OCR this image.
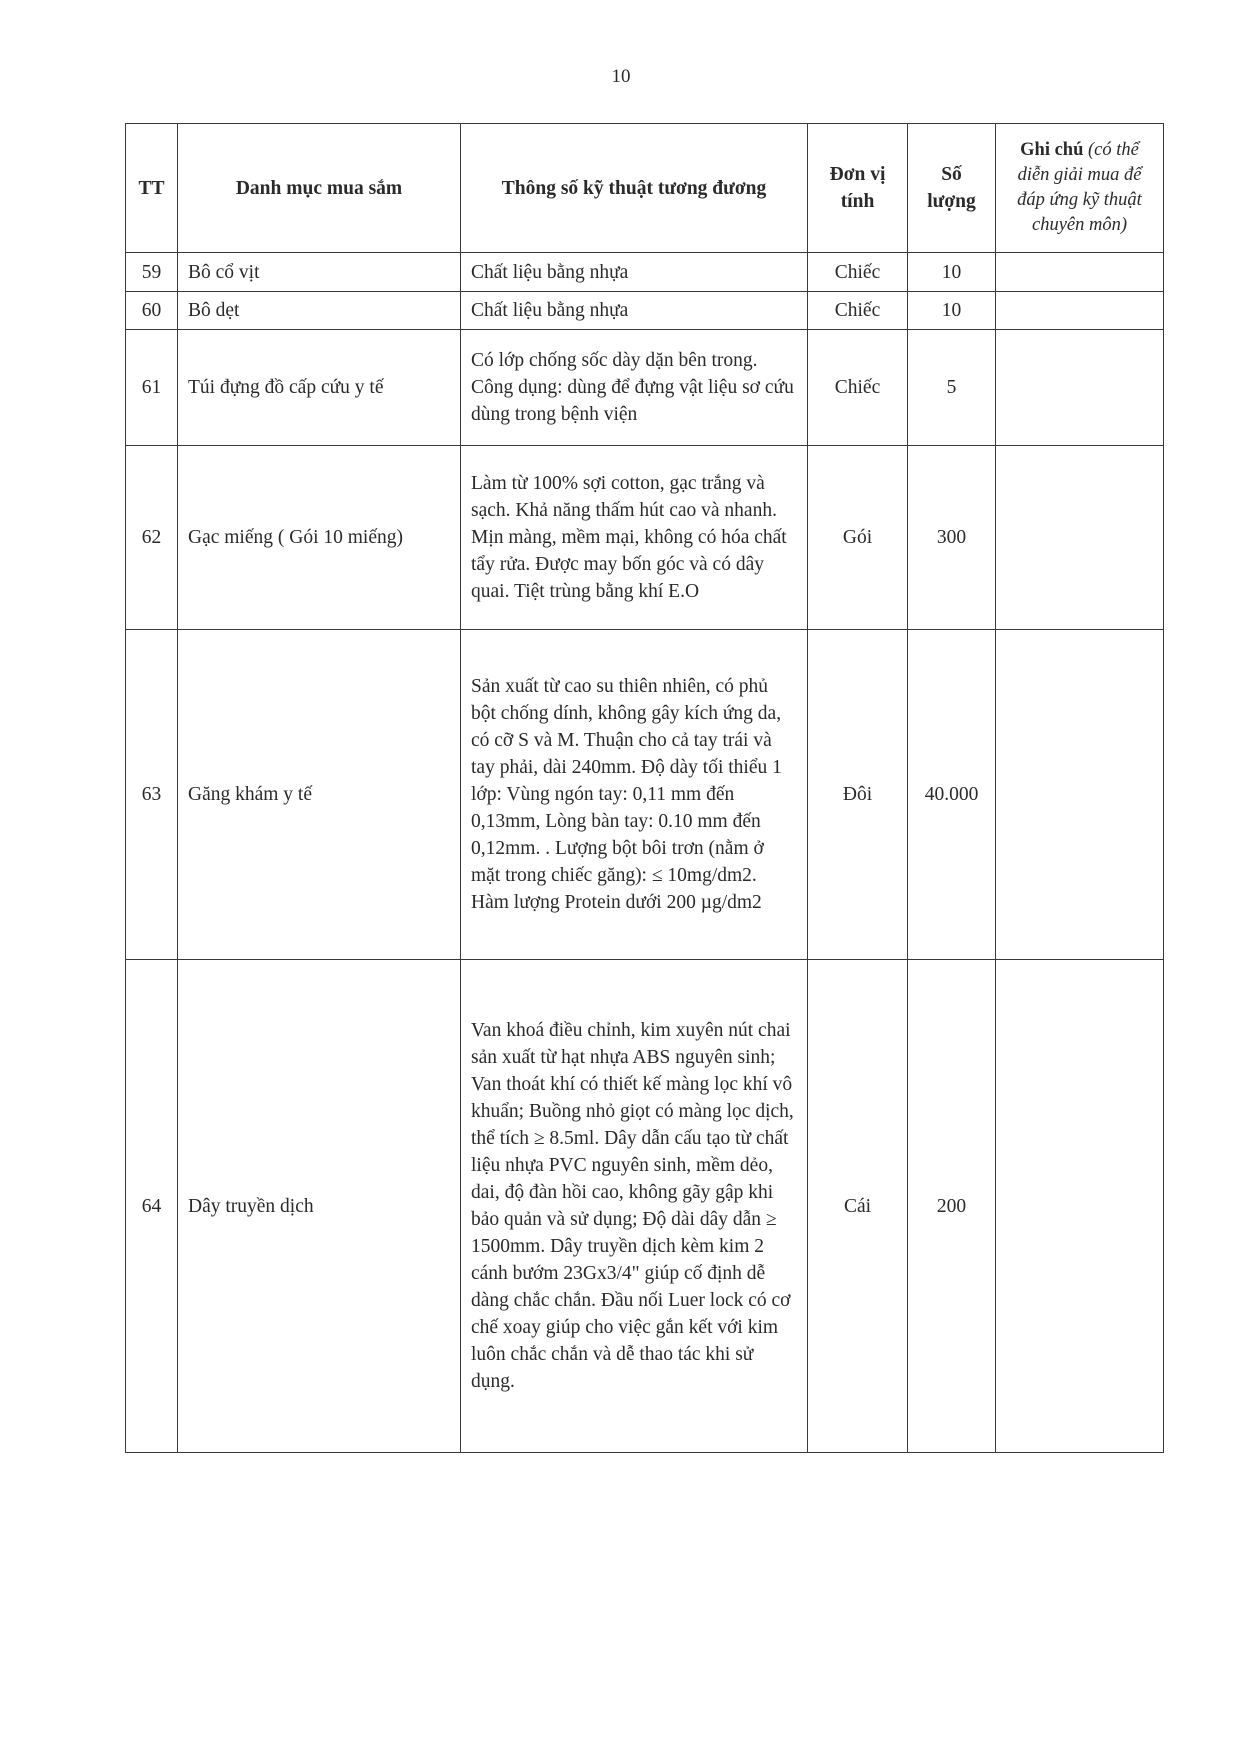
10
TT	Danh mục mua sắm	Thông số kỹ thuật tương đương	Đơn vị tính	Số lượng	Ghi chú (có thể diễn giải mua để đáp ứng kỹ thuật chuyên môn)
59	Bô cổ vịt	Chất liệu bằng nhựa	Chiếc	10	
60	Bô dẹt	Chất liệu bằng nhựa	Chiếc	10	
61	Túi đựng đồ cấp cứu y tế	Có lớp chống sốc dày dặn bên trong. Công dụng: dùng để đựng vật liệu sơ cứu dùng trong bệnh viện	Chiếc	5	
62	Gạc miếng ( Gói 10 miếng)	Làm từ 100% sợi cotton, gạc trắng và sạch. Khả năng thấm hút cao và nhanh. Mịn màng, mềm mại, không có hóa chất tẩy rửa. Được may bốn góc và có dây quai. Tiệt trùng bằng khí E.O	Gói	300	
63	Găng khám y tế	Sản xuất từ cao su thiên nhiên, có phủ bột chống dính, không gây kích ứng da, có cỡ S và M. Thuận cho cả tay trái và tay phải, dài 240mm. Độ dày tối thiểu 1 lớp: Vùng ngón tay: 0,11 mm đến 0,13mm, Lòng bàn tay: 0.10 mm đến 0,12mm. . Lượng bột bôi trơn (nằm ở mặt trong chiếc găng): ≤ 10mg/dm2. Hàm lượng Protein dưới 200 µg/dm2	Đôi	40.000	
64	Dây truyền dịch	Van khoá điều chỉnh, kim xuyên nút chai sản xuất từ hạt nhựa ABS nguyên sinh; Van thoát khí có thiết kế màng lọc khí vô khuẩn; Buồng nhỏ giọt có màng lọc dịch, thể tích ≥ 8.5ml. Dây dẫn cấu tạo từ chất liệu nhựa PVC nguyên sinh, mềm dẻo, dai, độ đàn hồi cao, không gãy gập khi bảo quản và sử dụng; Độ dài dây dẫn ≥ 1500mm. Dây truyền dịch kèm kim 2 cánh bướm 23Gx3/4" giúp cố định dễ dàng chắc chắn. Đầu nối Luer lock có cơ chế xoay giúp cho việc gắn kết với kim luôn chắc chắn và dễ thao tác khi sử dụng.	Cái	200	
